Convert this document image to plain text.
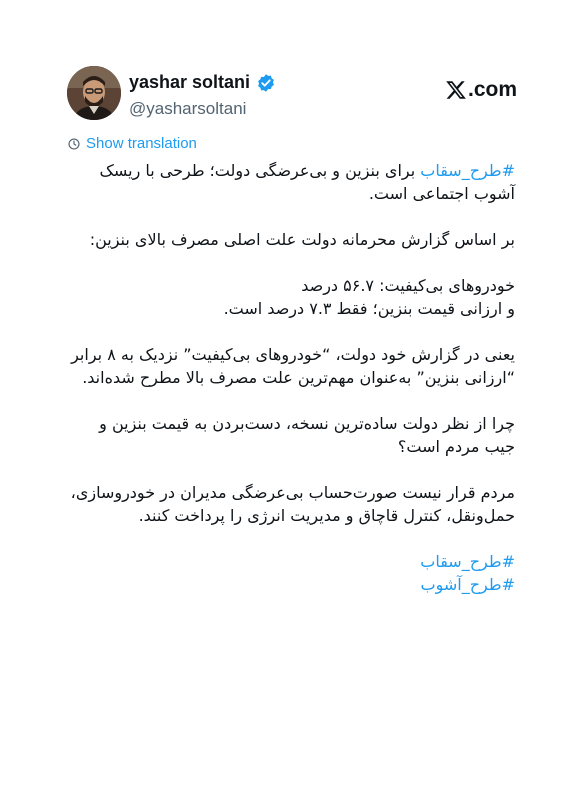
yashar soltani
@yasharsoltani
.com
Show translation

#طرح_سقاب برای بنزین و بی‌عرضگی دولت؛ طرحی با ریسک آشوب اجتماعی است.

بر اساس گزارش محرمانه دولت علت اصلی مصرف بالای بنزین:

خودروهای بی‌کیفیت: ۵۶.۷ درصد
و ارزانی قیمت بنزین؛ فقط ۷.۳ درصد است.

یعنی در گزارش خود دولت، “خودروهای بی‌کیفیت” نزدیک به ۸ برابر “ارزانی بنزین” به‌عنوان مهم‌ترین علت مصرف بالا مطرح شده‌اند.

چرا از نظر دولت ساده‌ترین نسخه، دست‌بردن به قیمت بنزین و جیب مردم است؟

مردم قرار نیست صورت‌حساب بی‌عرضگی مدیران در خودروسازی، حمل‌ونقل، کنترل قاچاق و مدیریت انرژی را پرداخت کنند.

#طرح_سقاب
#طرح_آشوب
